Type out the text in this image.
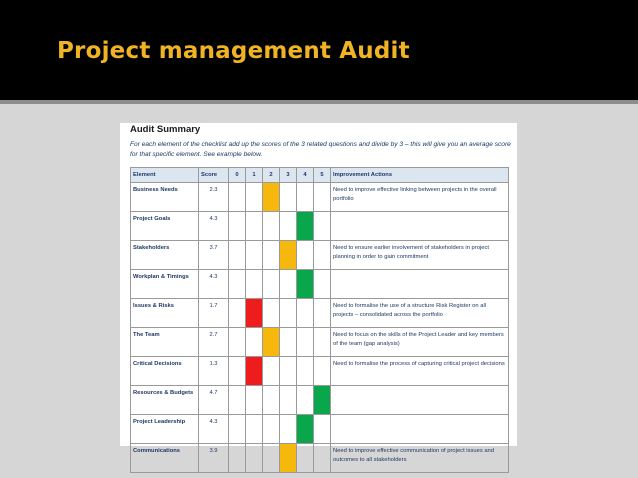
Project management Audit
Audit Summary
For each element of the checklist add up the scores of the 3 related questions and divide by 3 – this will give you an average score for that specific element. See example below.
Element	Score	0	1	2	3	4	5	Improvement Actions
Business Needs	2.3							Need to improve effective linking between projects in the overall portfolio
Project Goals	4.3							
Stakeholders	3.7							Need to ensure earlier involvement of stakeholders in project planning in order to gain commitment
Workplan & Timings	4.3							
Issues & Risks	1.7							Need to formalise the use of a structure Risk Register on all projects – consolidated across the portfolio
The Team	2.7							Need to focus on the skills of the Project Leader and key members of the team (gap analysis)
Critical Decisions	1.3							Need to formalise the process of capturing critical project decisions
Resources & Budgets	4.7							
Project Leadership	4.3							
Communications	3.9							Need to improve effective communication of project issues and outcomes to all stakeholders
